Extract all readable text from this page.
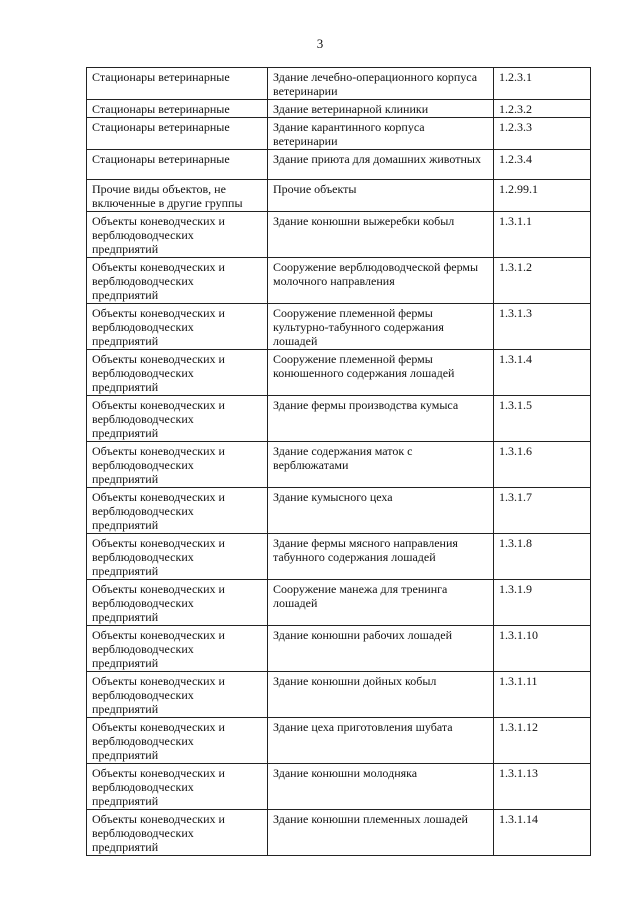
3
Стационары ветеринарные	Здание лечебно-операционного корпуса ветеринарии	1.2.3.1
Стационары ветеринарные	Здание ветеринарной клиники	1.2.3.2
Стационары ветеринарные	Здание карантинного корпуса ветеринарии	1.2.3.3
Стационары ветеринарные	Здание приюта для домашних животных	1.2.3.4
Прочие виды объектов, не включенные в другие группы	Прочие объекты	1.2.99.1
Объекты коневодческих и верблюдоводческих предприятий	Здание конюшни выжеребки кобыл	1.3.1.1
Объекты коневодческих и верблюдоводческих предприятий	Сооружение верблюдоводческой фермы молочного направления	1.3.1.2
Объекты коневодческих и верблюдоводческих предприятий	Сооружение племенной фермы культурно-табунного содержания лошадей	1.3.1.3
Объекты коневодческих и верблюдоводческих предприятий	Сооружение племенной фермы конюшенного содержания лошадей	1.3.1.4
Объекты коневодческих и верблюдоводческих предприятий	Здание фермы производства кумыса	1.3.1.5
Объекты коневодческих и верблюдоводческих предприятий	Здание содержания маток с верблюжатами	1.3.1.6
Объекты коневодческих и верблюдоводческих предприятий	Здание кумысного цеха	1.3.1.7
Объекты коневодческих и верблюдоводческих предприятий	Здание фермы мясного направления табунного содержания лошадей	1.3.1.8
Объекты коневодческих и верблюдоводческих предприятий	Сооружение манежа для тренинга лошадей	1.3.1.9
Объекты коневодческих и верблюдоводческих предприятий	Здание конюшни рабочих лошадей	1.3.1.10
Объекты коневодческих и верблюдоводческих предприятий	Здание конюшни дойных кобыл	1.3.1.11
Объекты коневодческих и верблюдоводческих предприятий	Здание цеха приготовления шубата	1.3.1.12
Объекты коневодческих и верблюдоводческих предприятий	Здание конюшни молодняка	1.3.1.13
Объекты коневодческих и верблюдоводческих предприятий	Здание конюшни племенных лошадей	1.3.1.14
